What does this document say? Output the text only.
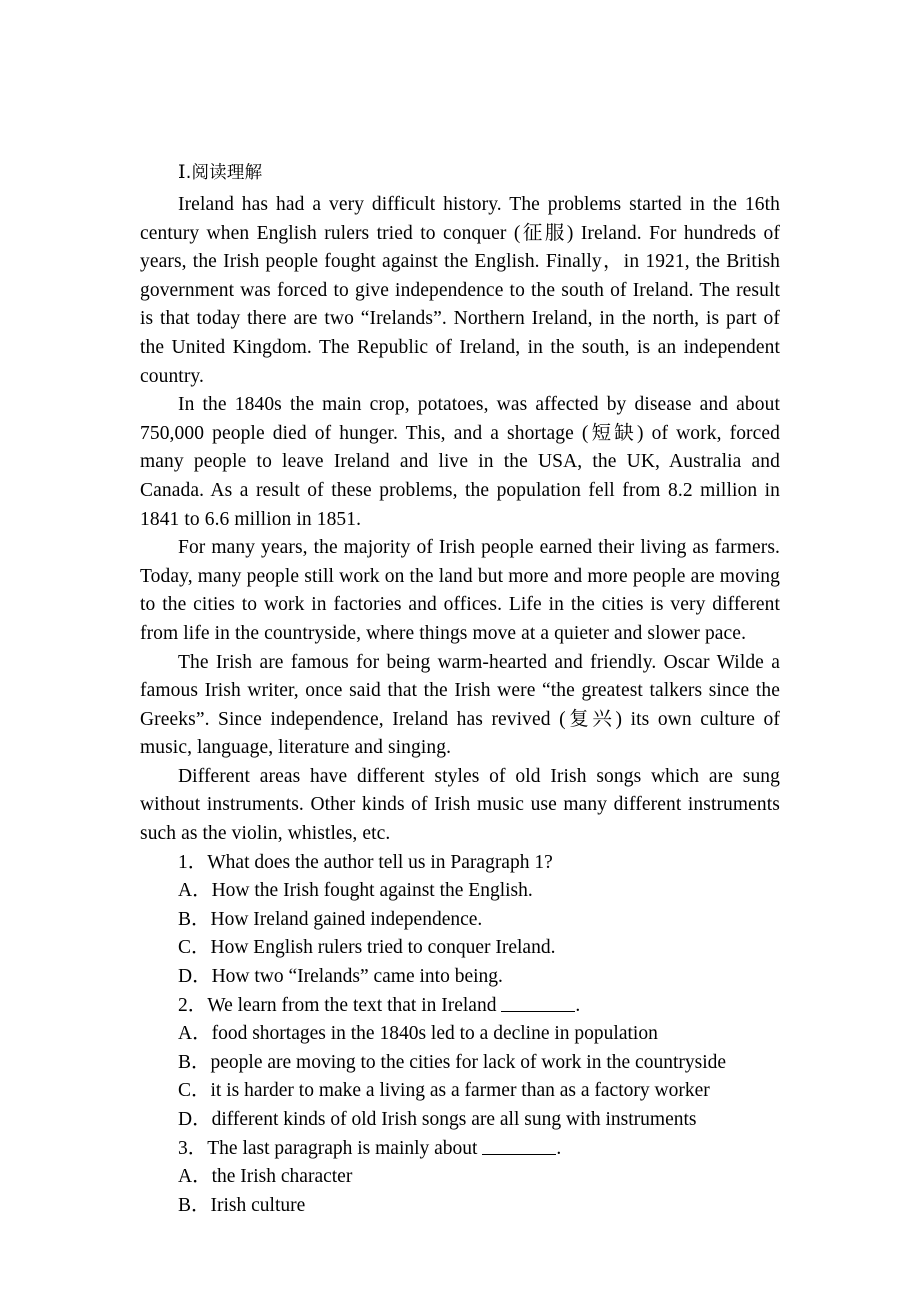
Ⅰ.阅读理解

Ireland has had a very difficult history. The problems started in the 16th century when English rulers tried to conquer (征服) Ireland. For hundreds of years, the Irish people fought against the English. Finally，in 1921, the British government was forced to give independence to the south of Ireland. The result is that today there are two “Irelands”. Northern Ireland, in the north, is part of the United Kingdom. The Republic of Ireland, in the south, is an independent country.

In the 1840s the main crop, potatoes, was affected by disease and about 750,000 people died of hunger. This, and a shortage (短缺) of work, forced many people to leave Ireland and live in the USA, the UK, Australia and Canada. As a result of these problems, the population fell from 8.2 million in 1841 to 6.6 million in 1851.

For many years, the majority of Irish people earned their living as farmers. Today, many people still work on the land but more and more people are moving to the cities to work in factories and offices. Life in the cities is very different from life in the countryside, where things move at a quieter and slower pace.

The Irish are famous for being warm-hearted and friendly. Oscar Wilde a famous Irish writer, once said that the Irish were “the greatest talkers since the Greeks”. Since independence, Ireland has revived (复兴) its own culture of music, language, literature and singing.

Different areas have different styles of old Irish songs which are sung without instruments. Other kinds of Irish music use many different instruments such as the violin, whistles, etc.

1．What does the author tell us in Paragraph 1?
A．How the Irish fought against the English.
B．How Ireland gained independence.
C．How English rulers tried to conquer Ireland.
D．How two “Irelands” came into being.
2．We learn from the text that in Ireland	.
A．food shortages in the 1840s led to a decline in population
B．people are moving to the cities for lack of work in the countryside
C．it is harder to make a living as a farmer than as a factory worker
D．different kinds of old Irish songs are all sung with instruments
3．The last paragraph is mainly about	.
A．the Irish character
B．Irish culture
